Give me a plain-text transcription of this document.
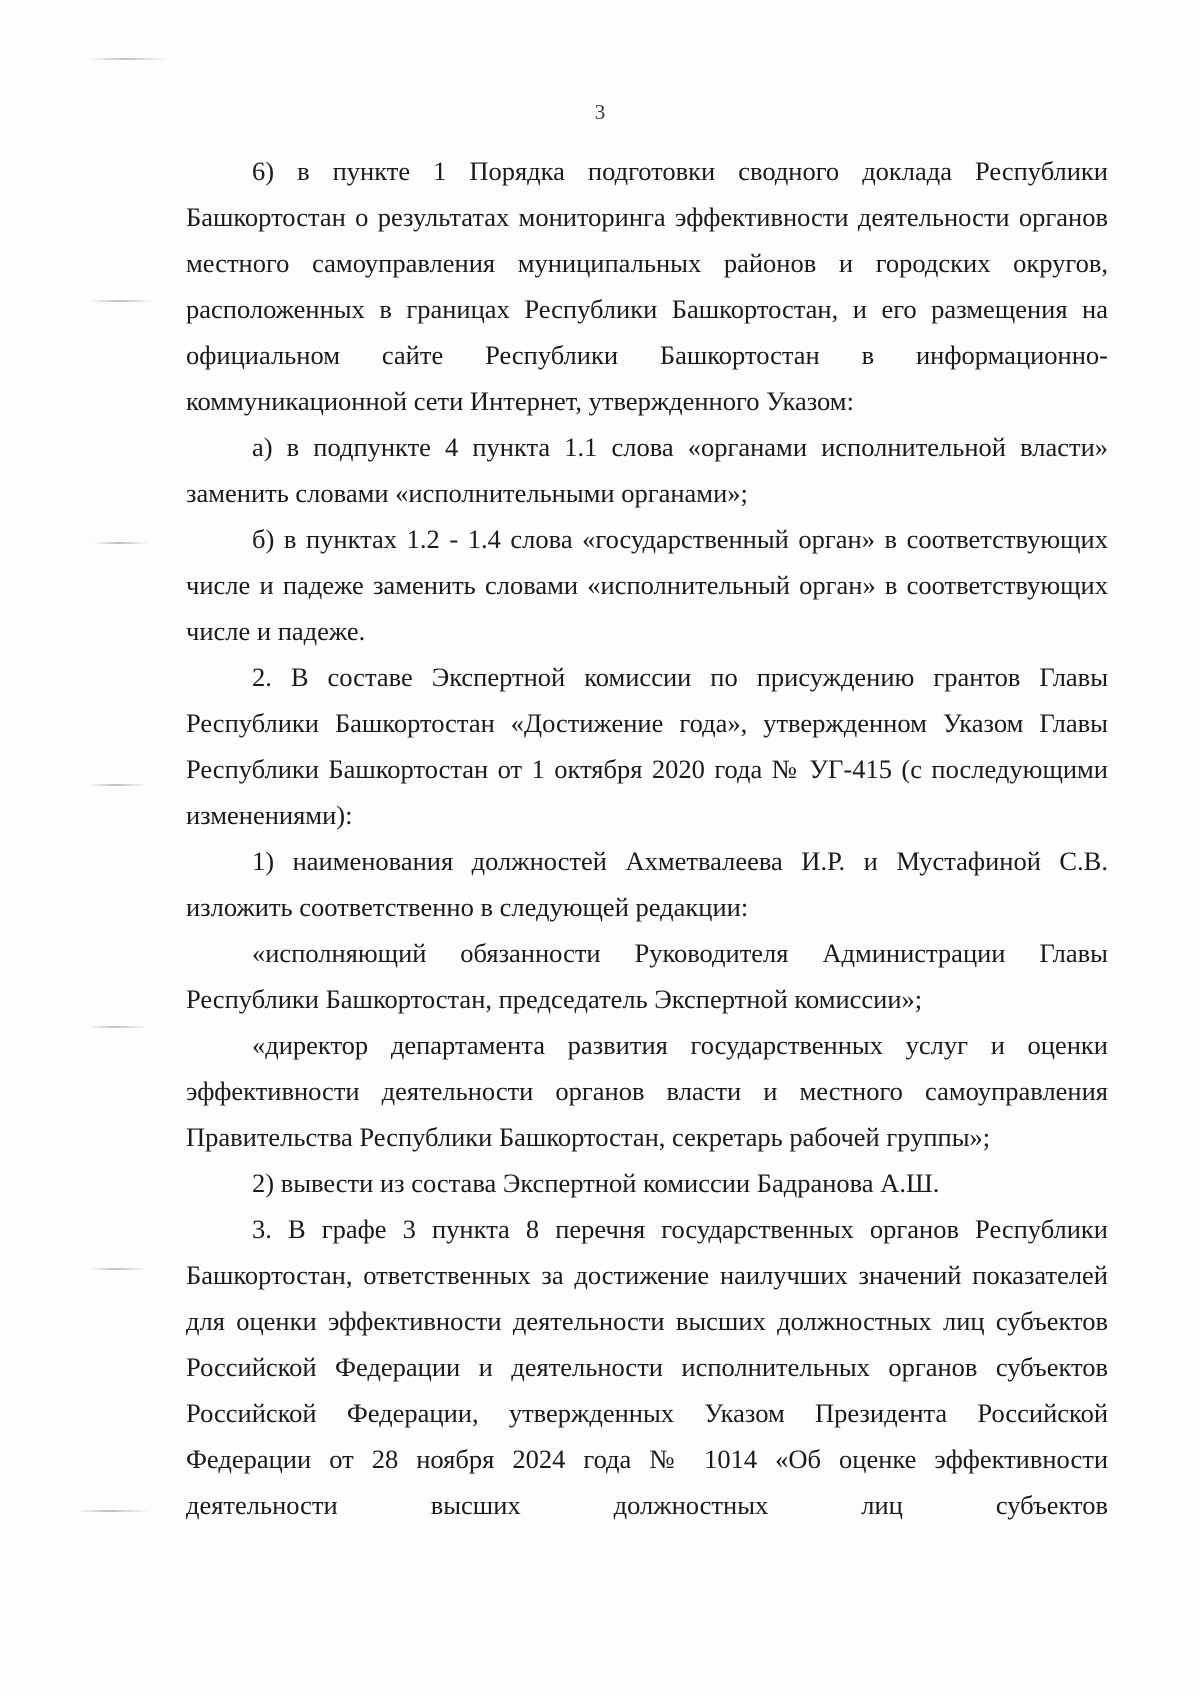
3

6) в пункте 1 Порядка подготовки сводного доклада Республики Башкортостан о результатах мониторинга эффективности деятельности органов местного самоуправления муниципальных районов и городских округов, расположенных в границах Республики Башкортостан, и его размещения на официальном сайте Республики Башкортостан в информационно-коммуникационной сети Интернет, утвержденного Указом:

а) в подпункте 4 пункта 1.1 слова «органами исполнительной власти» заменить словами «исполнительными органами»;

б) в пунктах 1.2 - 1.4 слова «государственный орган» в соответствующих числе и падеже заменить словами «исполнительный орган» в соответствующих числе и падеже.

2. В составе Экспертной комиссии по присуждению грантов Главы Республики Башкортостан «Достижение года», утвержденном Указом Главы Республики Башкортостан от 1 октября 2020 года № УГ-415 (с последующими изменениями):

1) наименования должностей Ахметвалеева И.Р. и Мустафиной С.В. изложить соответственно в следующей редакции:

«исполняющий обязанности Руководителя Администрации Главы Республики Башкортостан, председатель Экспертной комиссии»;

«директор департамента развития государственных услуг и оценки эффективности деятельности органов власти и местного самоуправления Правительства Республики Башкортостан, секретарь рабочей группы»;

2) вывести из состава Экспертной комиссии Бадранова А.Ш.

3. В графе 3 пункта 8 перечня государственных органов Республики Башкортостан, ответственных за достижение наилучших значений показателей для оценки эффективности деятельности высших должностных лиц субъектов Российской Федерации и деятельности исполнительных органов субъектов Российской Федерации, утвержденных Указом Президента Российской Федерации от 28 ноября 2024 года № 1014 «Об оценке эффективности деятельности высших должностных лиц субъектов
